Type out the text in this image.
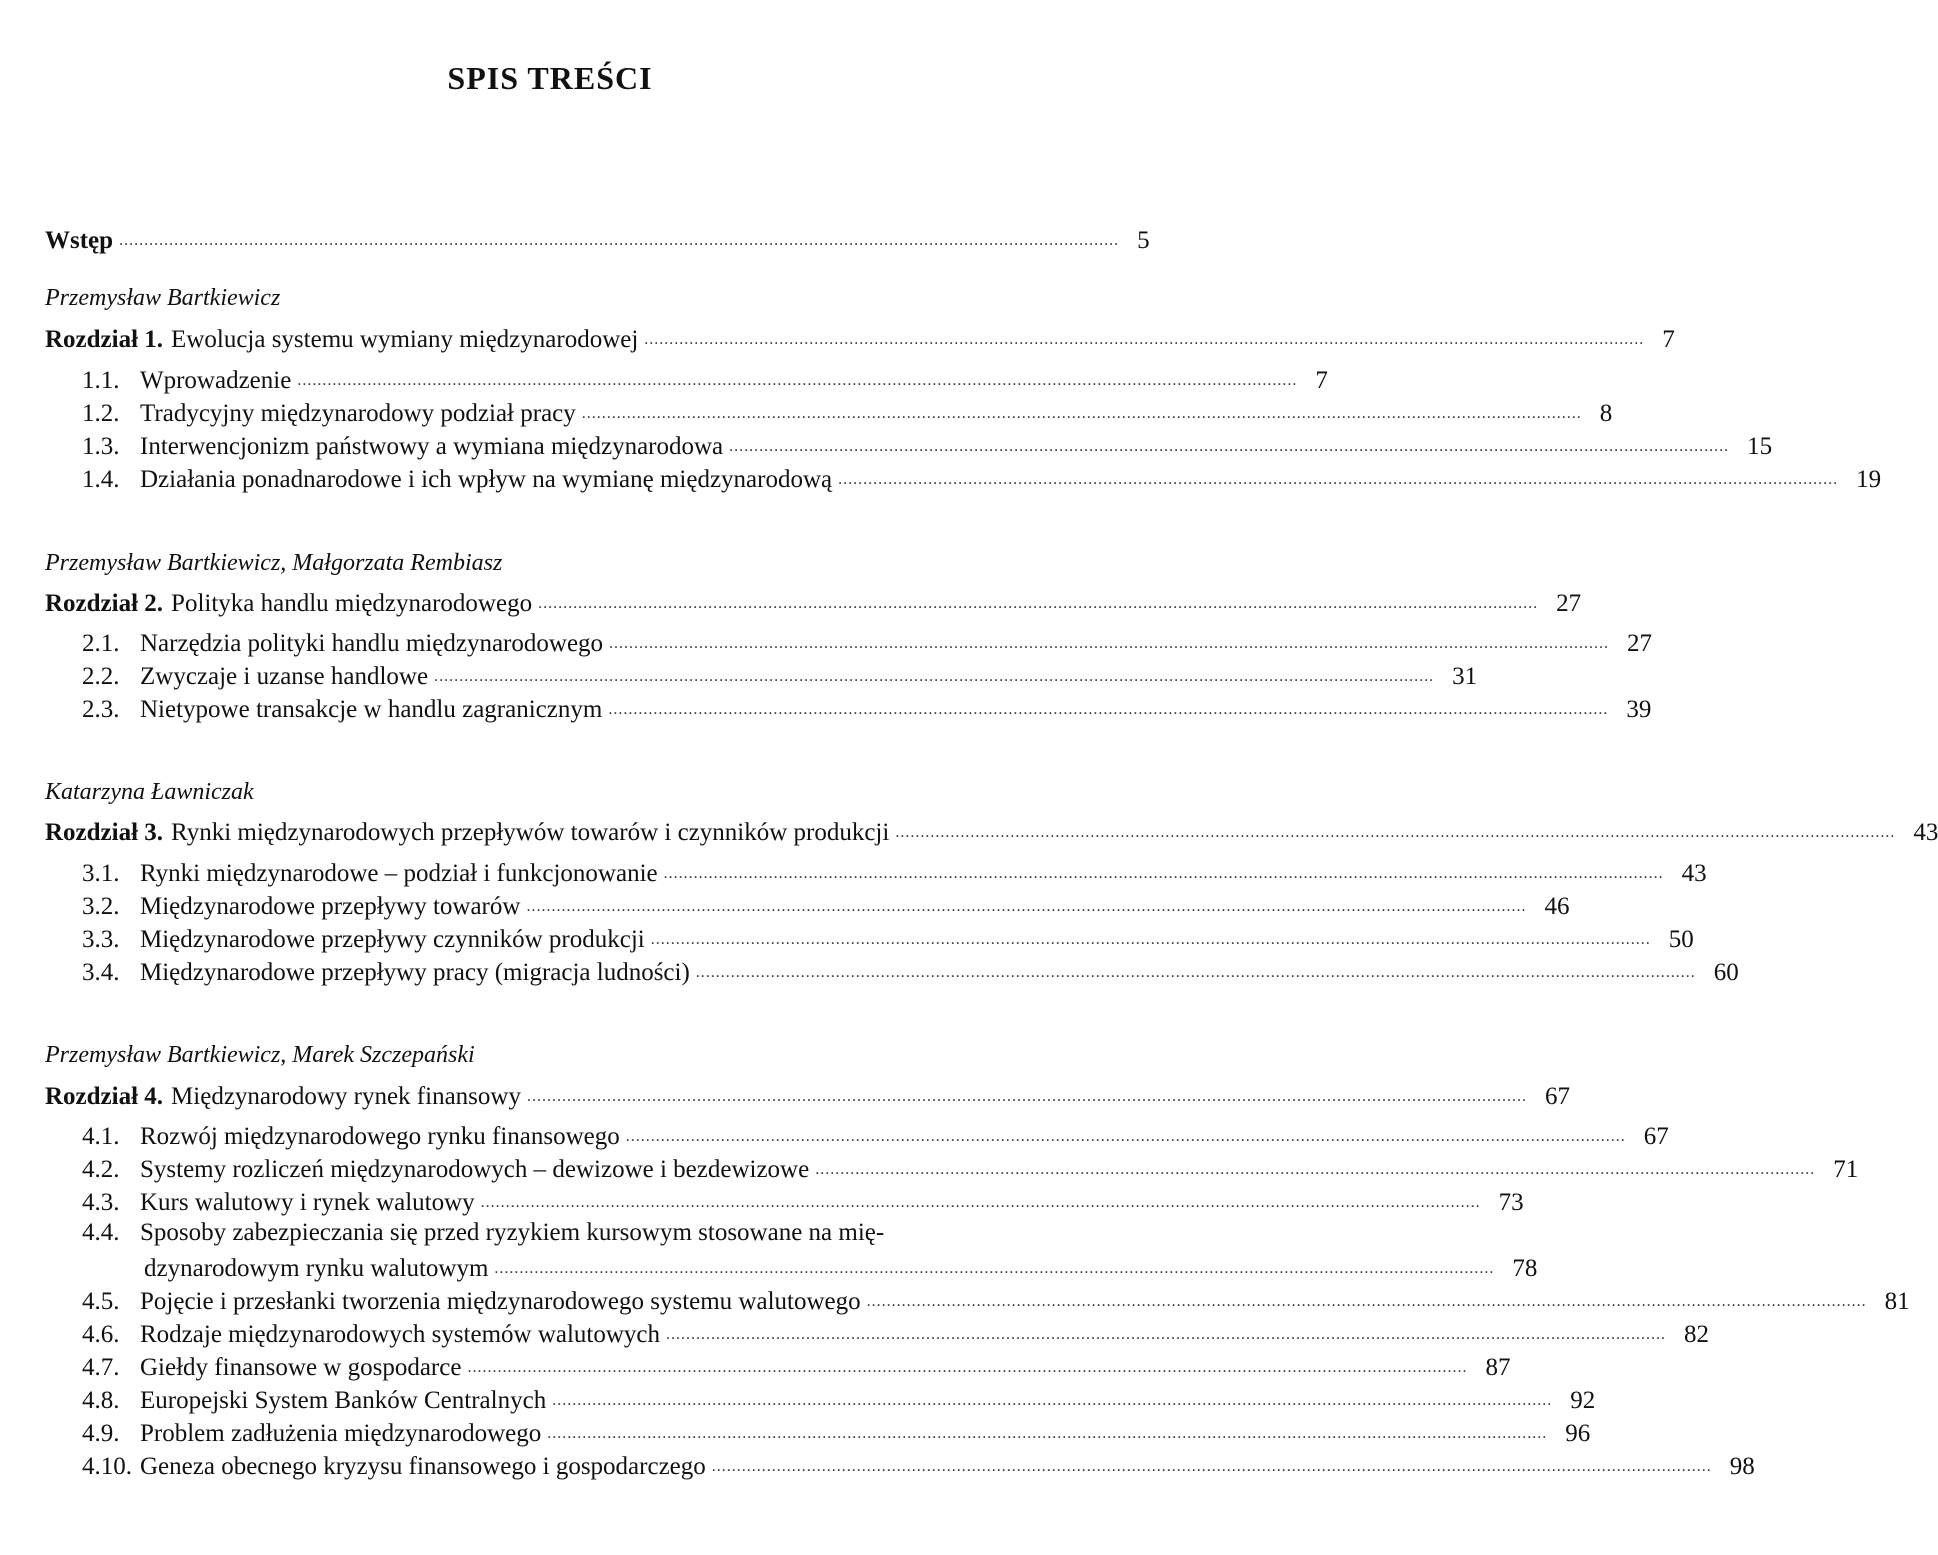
SPIS TREŚCI
Wstęp ........................................................................................................................................................................................................ 5
Przemysław Bartkiewicz
Rozdział 1. Ewolucja systemu wymiany międzynarodowej ........................................................................................................................................................................................................ 7
1.1. Wprowadzenie ........................................................................................................................................................................................................ 7
1.2. Tradycyjny międzynarodowy podział pracy ........................................................................................................................................................................................................ 8
1.3. Interwencjonizm państwowy a wymiana międzynarodowa ........................................................................................................................................................................................................ 15
1.4. Działania ponadnarodowe i ich wpływ na wymianę międzynarodową ........................................................................................................................................................................................................ 19
Przemysław Bartkiewicz, Małgorzata Rembiasz
Rozdział 2. Polityka handlu międzynarodowego ........................................................................................................................................................................................................ 27
2.1. Narzędzia polityki handlu międzynarodowego ........................................................................................................................................................................................................ 27
2.2. Zwyczaje i uzanse handlowe ........................................................................................................................................................................................................ 31
2.3. Nietypowe transakcje w handlu zagranicznym ........................................................................................................................................................................................................ 39
Katarzyna Ławniczak
Rozdział 3. Rynki międzynarodowych przepływów towarów i czynników produkcji ........................................................................................................................................................................................................ 43
3.1. Rynki międzynarodowe – podział i funkcjonowanie ........................................................................................................................................................................................................ 43
3.2. Międzynarodowe przepływy towarów ........................................................................................................................................................................................................ 46
3.3. Międzynarodowe przepływy czynników produkcji ........................................................................................................................................................................................................ 50
3.4. Międzynarodowe przepływy pracy (migracja ludności) ........................................................................................................................................................................................................ 60
Przemysław Bartkiewicz, Marek Szczepański
Rozdział 4. Międzynarodowy rynek finansowy ........................................................................................................................................................................................................ 67
4.1. Rozwój międzynarodowego rynku finansowego ........................................................................................................................................................................................................ 67
4.2. Systemy rozliczeń międzynarodowych – dewizowe i bezdewizowe ........................................................................................................................................................................................................ 71
4.3. Kurs walutowy i rynek walutowy ........................................................................................................................................................................................................ 73
4.4. Sposoby zabezpieczania się przed ryzykiem kursowym stosowane na mię-
dzynarodowym rynku walutowym ........................................................................................................................................................................................................ 78
4.5. Pojęcie i przesłanki tworzenia międzynarodowego systemu walutowego ........................................................................................................................................................................................................ 81
4.6. Rodzaje międzynarodowych systemów walutowych ........................................................................................................................................................................................................ 82
4.7. Giełdy finansowe w gospodarce ........................................................................................................................................................................................................ 87
4.8. Europejski System Banków Centralnych ........................................................................................................................................................................................................ 92
4.9. Problem zadłużenia międzynarodowego ........................................................................................................................................................................................................ 96
4.10. Geneza obecnego kryzysu finansowego i gospodarczego ........................................................................................................................................................................................................ 98
